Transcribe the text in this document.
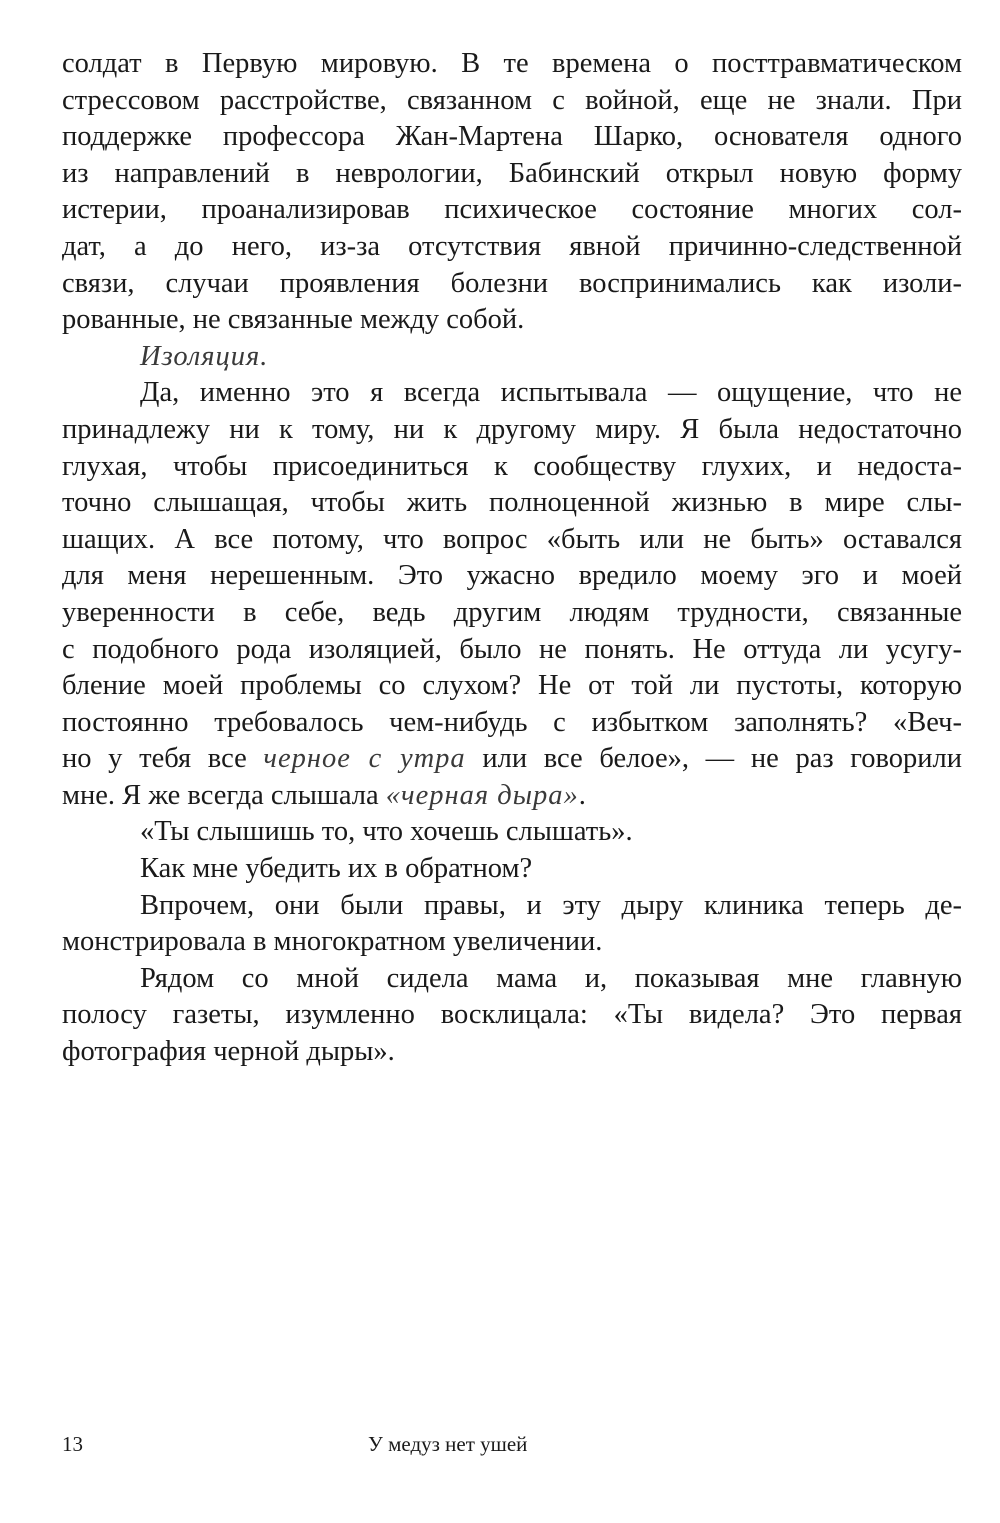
солдат в Первую мировую. В те времена о посттравматическом
стрессовом расстройстве, связанном с войной, еще не знали. При
поддержке профессора Жан-Мартена Шарко, основателя одного
из направлений в неврологии, Бабинский открыл новую форму
истерии, проанализировав психическое состояние многих сол-
дат, а до него, из-за отсутствия явной причинно-следственной
связи, случаи проявления болезни воспринимались как изоли-
рованные, не связанные между собой.
Изоляция.
Да, именно это я всегда испытывала — ощущение, что не
принадлежу ни к тому, ни к другому миру. Я была недостаточно
глухая, чтобы присоединиться к сообществу глухих, и недоста-
точно слышащая, чтобы жить полноценной жизнью в мире слы-
шащих. А все потому, что вопрос «быть или не быть» оставался
для меня нерешенным. Это ужасно вредило моему эго и моей
уверенности в себе, ведь другим людям трудности, связанные
с подобного рода изоляцией, было не понять. Не оттуда ли усугу-
бление моей проблемы со слухом? Не от той ли пустоты, которую
постоянно требовалось чем-нибудь с избытком заполнять? «Веч-
но у тебя все черное с утра или все белое», — не раз говорили
мне. Я же всегда слышала «черная дыра».
«Ты слышишь то, что хочешь слышать».
Как мне убедить их в обратном?
Впрочем, они были правы, и эту дыру клиника теперь де-
монстрировала в многократном увеличении.
Рядом со мной сидела мама и, показывая мне главную
полосу газеты, изумленно восклицала: «Ты видела? Это первая
фотография черной дыры».
13	У медуз нет ушей
